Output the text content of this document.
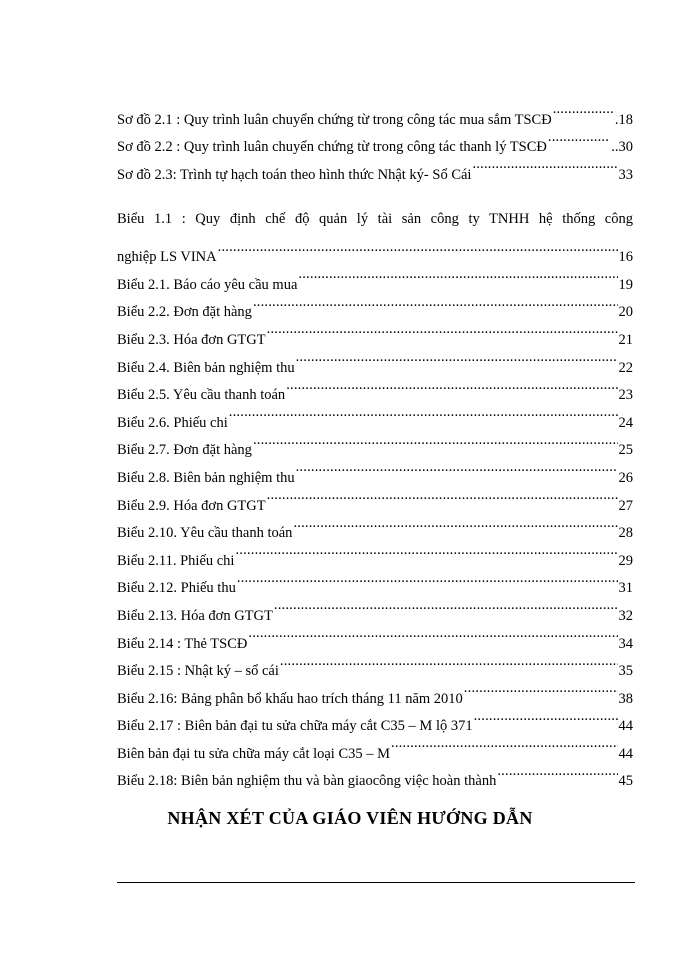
Sơ đồ 2.1 : Quy trình luân chuyển chứng từ trong công tác mua sắm TSCĐ .....	.18
Sơ đồ 2.2 : Quy trình luân chuyển chứng từ trong công tác thanh lý TSCĐ .....	..30
Sơ đồ 2.3: Trình tự hạch toán theo hình thức Nhật ký- Sổ Cái .....	33
Biểu 1.1 : Quy định chế độ quản lý tài sản công ty TNHH hệ thống công
nghiệp LS VINA .....	16
Biểu 2.1. Báo cáo yêu cầu mua .....	19
Biểu 2.2. Đơn đặt hàng .....	20
Biểu 2.3. Hóa đơn GTGT .....	21
Biểu 2.4. Biên bản nghiệm thu .....	22
Biểu 2.5. Yêu cầu thanh toán .....	23
Biểu 2.6. Phiếu chi .....	24
Biểu 2.7. Đơn đặt hàng .....	25
Biểu 2.8. Biên bản nghiệm thu .....	26
Biểu 2.9. Hóa đơn GTGT .....	27
Biểu 2.10. Yêu cầu thanh toán .....	28
Biểu 2.11. Phiếu chi .....	29
Biểu 2.12. Phiếu thu .....	31
Biểu 2.13. Hóa đơn GTGT .....	32
Biểu 2.14 : Thẻ TSCĐ .....	34
Biểu 2.15 : Nhật ký – sổ cái .....	35
Biểu 2.16: Bảng phân bổ khấu hao trích tháng 11 năm 2010 .....	38
Biểu 2.17 : Biên bản đại tu sửa chữa máy cắt C35 – M lộ 371 .....	44
Biên bản đại tu sửa chữa máy cắt loại C35 – M .....	44
Biểu 2.18: Biên bản nghiệm thu và bàn giaocông việc hoàn thành .....	45
NHẬN XÉT CỦA GIÁO VIÊN HƯỚNG DẪN
